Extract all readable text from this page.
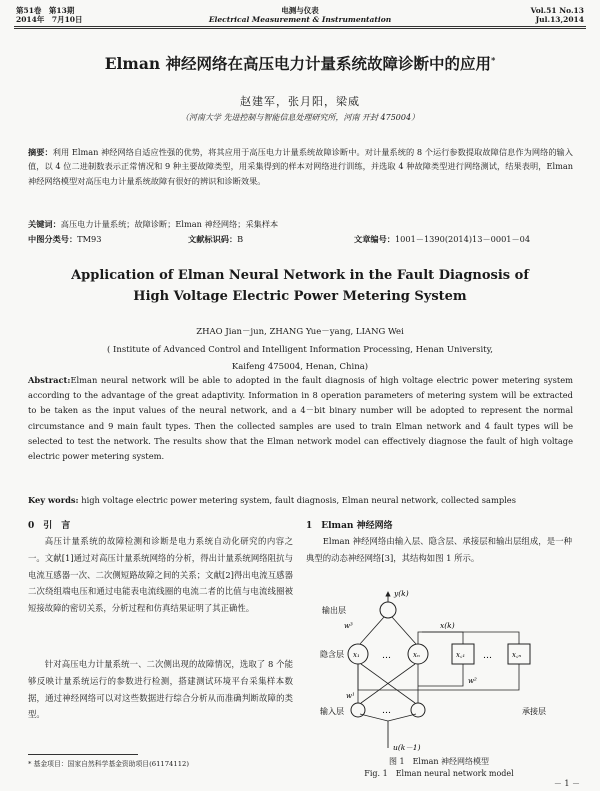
第51卷　第13期
2014年　7月10日
电测与仪表
Electrical Measurement & Instrumentation
Vol.51 No.13
Jul.13,2014
Elman 神经网络在高压电力计量系统故障诊断中的应用*
赵建军，张月阳，梁威
（河南大学 先进控制与智能信息处理研究所，河南 开封 475004）
摘要：利用 Elman 神经网络自适应性强的优势，将其应用于高压电力计量系统故障诊断中。对计量系统的 8 个运行参数提取故障信息作为网络的输入值，以 4 位二进制数表示正常情况和 9 种主要故障类型，用采集得到的样本对网络进行训练，并选取 4 种故障类型进行网络测试，结果表明，Elman 神经网络模型对高压电力计量系统故障有很好的辨识和诊断效果。
关键词：高压电力计量系统；故障诊断；Elman 神经网络；采集样本
中图分类号：TM93	文献标识码：B	文章编号：1001－1390(2014)13－0001－04
Application of Elman Neural Network in the Fault Diagnosis of
High Voltage Electric Power Metering System
ZHAO Jian－jun, ZHANG Yue－yang, LIANG Wei
( Institute of Advanced Control and Intelligent Information Processing, Henan University,
Kaifeng 475004, Henan, China)
Abstract:Elman neural network will be able to adopted in the fault diagnosis of high voltage electric power metering system according to the advantage of the great adaptivity. Information in 8 operation parameters of metering system will be extracted to be taken as the input values of the neural network, and a 4－bit binary number will be adopted to represent the normal circumstance and 9 main fault types. Then the collected samples are used to train Elman network and 4 fault types will be selected to test the network. The results show that the Elman network model can effectively diagnose the fault of high voltage electric power metering system.
Key words: high voltage electric power metering system, fault diagnosis, Elman neural network, collected samples
0　引　言
高压计量系统的故障检测和诊断是电力系统自动化研究的内容之一。文献[1]通过对高压计量系统网络的分析，得出计量系统网络阻抗与电流互感器一次、二次侧短路故障之间的关系；文献[2]得出电流互感器二次绕组端电压和通过电能表电流线圈的电流二者的比值与电流线圈被短接故障的密切关系，分析过程和仿真结果证明了其正确性。
针对高压电力计量系统一、二次侧出现的故障情况，选取了 8 个能够反映计量系统运行的参数进行检测，搭建测试环境平台采集样本数据，通过神经网络可以对这些数据进行综合分析从而准确判断故障的类型。
* 基金项目：国家自然科学基金资助项目(61174112)
1　Elman 神经网络
Elman 神经网络由输入层、隐含层、承接层和输出层组成，是一种典型的动态神经网络[3]，其结构如图 1 所示。
输出层
隐含层
输入层	承接层
y(k)
x(k)
u(k－1)
w³
w¹
w²
x₁	xₙ	x꜀₁	x꜀ₙ
…	…
…
图 1　Elman 神经网络模型
Fig. 1　Elman neural network model
－ 1 －
